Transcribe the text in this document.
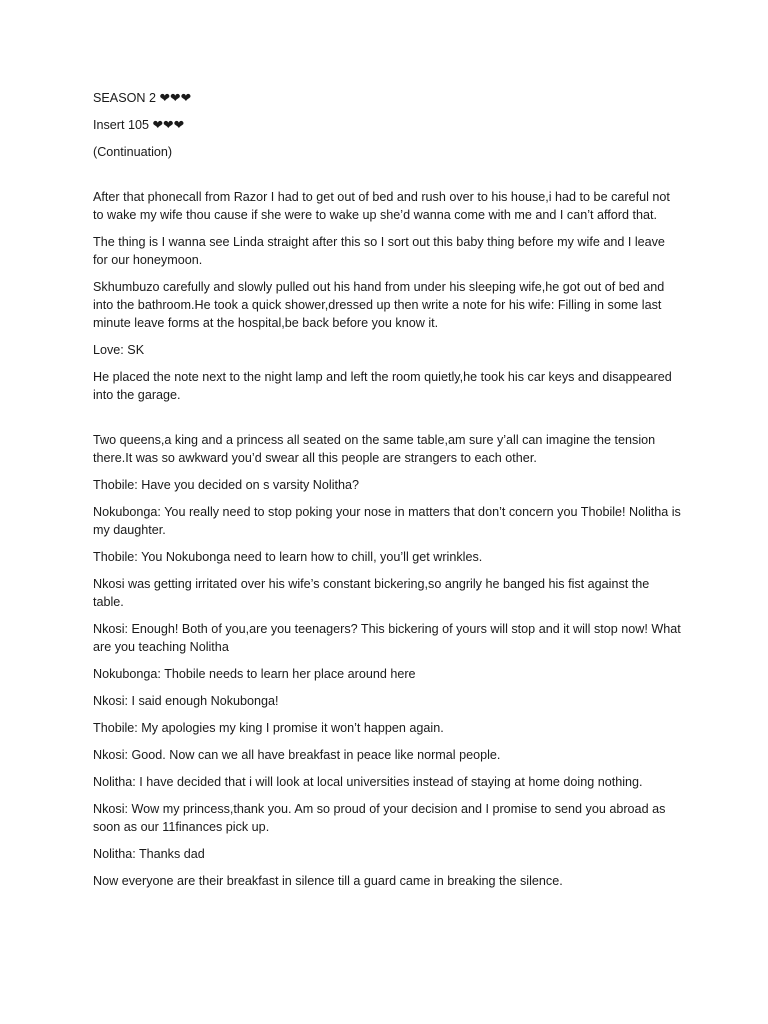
SEASON 2 ❤❤❤

Insert 105 ❤❤❤

(Continuation)

After that phonecall from Razor I had to get out of bed and rush over to his house,i had to be careful not to wake my wife thou cause if she were to wake up she’d wanna come with me and I can’t afford that.

The thing is I wanna see Linda straight after this so I sort out this baby thing before my wife and I leave for our honeymoon.

Skhumbuzo carefully and slowly pulled out his hand from under his sleeping wife,he got out of bed and into the bathroom.He took a quick shower,dressed up then write a note for his wife: Filling in some last minute leave forms at the hospital,be back before you know it.

Love: SK

He placed the note next to the night lamp and left the room quietly,he took his car keys and disappeared into the garage.

Two queens,a king and a princess all seated on the same table,am sure y’all can imagine the tension there.It was so awkward you’d swear all this people are strangers to each other.

Thobile: Have you decided on s varsity Nolitha?

Nokubonga: You really need to stop poking your nose in matters that don’t concern you Thobile! Nolitha is my daughter.

Thobile: You Nokubonga need to learn how to chill, you’ll get wrinkles.

Nkosi was getting irritated over his wife’s constant bickering,so angrily he banged his fist against the table.

Nkosi: Enough! Both of you,are you teenagers? This bickering of yours will stop and it will stop now! What are you teaching Nolitha

Nokubonga: Thobile needs to learn her place around here

Nkosi: I said enough Nokubonga!

Thobile: My apologies my king I promise it won’t happen again.

Nkosi: Good. Now can we all have breakfast in peace like normal people.

Nolitha: I have decided that i will look at local universities instead of staying at home doing nothing.

Nkosi: Wow my princess,thank you. Am so proud of your decision and I promise to send you abroad as soon as our 11finances pick up.

Nolitha: Thanks dad

Now everyone are their breakfast in silence till a guard came in breaking the silence.
